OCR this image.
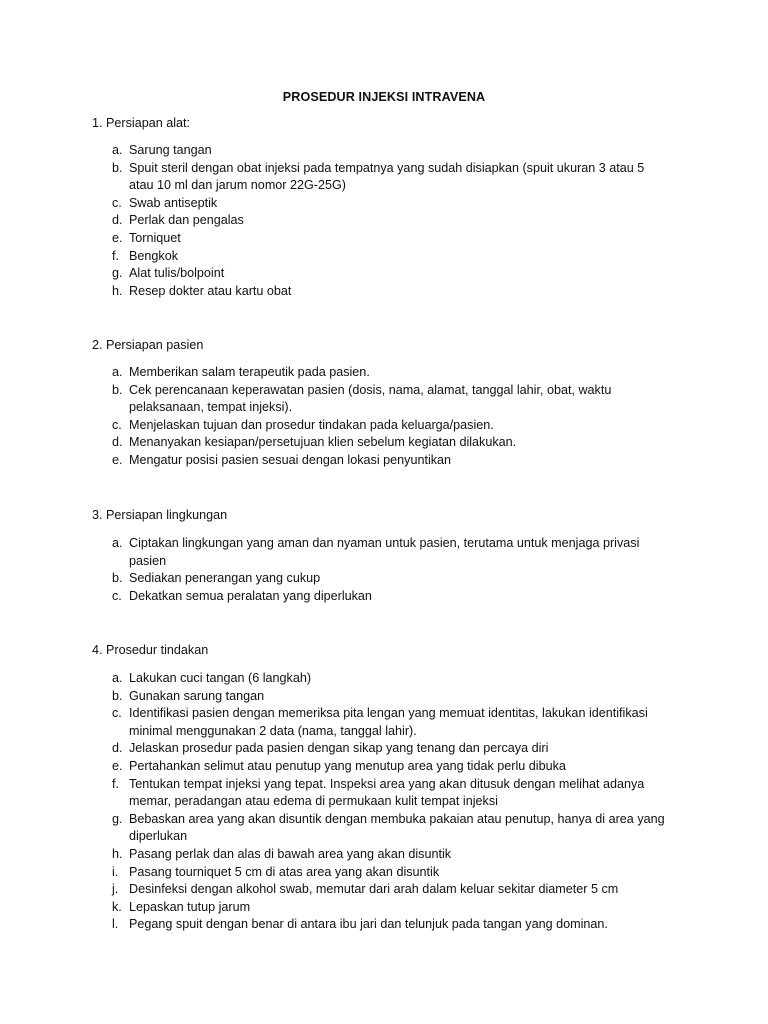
PROSEDUR INJEKSI INTRAVENA
1. Persiapan alat:
a. Sarung tangan
b. Spuit steril dengan obat injeksi pada tempatnya yang sudah disiapkan (spuit ukuran 3 atau 5 atau 10 ml dan jarum nomor 22G-25G)
c. Swab antiseptik
d. Perlak dan pengalas
e. Torniquet
f. Bengkok
g. Alat tulis/bolpoint
h. Resep dokter atau kartu obat
2. Persiapan pasien
a. Memberikan salam terapeutik pada pasien.
b. Cek perencanaan keperawatan pasien (dosis, nama, alamat, tanggal lahir, obat, waktu pelaksanaan, tempat injeksi).
c. Menjelaskan tujuan dan prosedur tindakan pada keluarga/pasien.
d. Menanyakan kesiapan/persetujuan klien sebelum kegiatan dilakukan.
e. Mengatur posisi pasien sesuai dengan lokasi penyuntikan
3. Persiapan lingkungan
a. Ciptakan lingkungan yang aman dan nyaman untuk pasien, terutama untuk menjaga privasi pasien
b. Sediakan penerangan yang cukup
c. Dekatkan semua peralatan yang diperlukan
4. Prosedur tindakan
a. Lakukan cuci tangan (6 langkah)
b. Gunakan sarung tangan
c. Identifikasi pasien dengan memeriksa pita lengan yang memuat identitas, lakukan identifikasi minimal menggunakan 2 data (nama, tanggal lahir).
d. Jelaskan prosedur pada pasien dengan sikap yang tenang dan percaya diri
e. Pertahankan selimut atau penutup yang menutup area yang tidak perlu dibuka
f. Tentukan tempat injeksi yang tepat. Inspeksi area yang akan ditusuk dengan melihat adanya memar, peradangan atau edema di permukaan kulit tempat injeksi
g. Bebaskan area yang akan disuntik dengan membuka pakaian atau penutup, hanya di area yang diperlukan
h. Pasang perlak dan alas di bawah area yang akan disuntik
i. Pasang tourniquet 5 cm di atas area yang akan disuntik
j. Desinfeksi dengan alkohol swab, memutar dari arah dalam keluar sekitar diameter 5 cm
k. Lepaskan tutup jarum
l. Pegang spuit dengan benar di antara ibu jari dan telunjuk pada tangan yang dominan.
